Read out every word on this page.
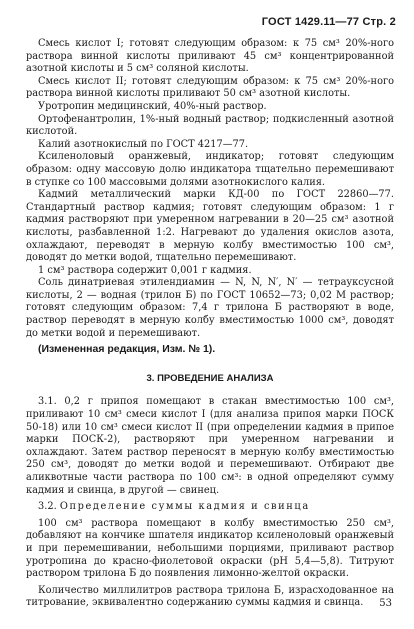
ГОСТ 1429.11—77 Стр. 2

Смесь кислот I; готовят следующим образом: к 75 см³ 20%-ного раствора винной кислоты приливают 45 см³ концентрированной азотной кислоты и 5 см³ соляной кислоты.

Смесь кислот II; готовят следующим образом: к 75 см³ 20%-ного раствора винной кислоты приливают 50 см³ азотной кислоты.

Уротропин медицинский, 40%-ный раствор.

Ортофенантролин, 1%-ный водный раствор; подкисленный азотной кислотой.

Калий азотнокислый по ГОСТ 4217—77.

Ксиленоловый оранжевый, индикатор; готовят следующим образом: одну массовую долю индикатора тщательно перемешивают в ступке со 100 массовыми долями азотнокислого калия.

Кадмий металлический марки КД-00 по ГОСТ 22860—77. Стандартный раствор кадмия; готовят следующим образом: 1 г кадмия растворяют при умеренном нагревании в 20—25 см³ азотной кислоты, разбавленной 1:2. Нагревают до удаления окислов азота, охлаждают, переводят в мерную колбу вместимостью 100 см³, доводят до метки водой, тщательно перемешивают.

1 см³ раствора содержит 0,001 г кадмия.

Соль динатриевая этилендиамин — N, N, N′, N′ — тетрауксусной кислоты, 2 — водная (трилон Б) по ГОСТ 10652—73; 0,02 М раствор; готовят следующим образом: 7,4 г трилона Б растворяют в воде, раствор переводят в мерную колбу вместимостью 1000 см³, доводят до метки водой и перемешивают.

(Измененная редакция, Изм. № 1).

3. ПРОВЕДЕНИЕ АНАЛИЗА

3.1. 0,2 г припоя помещают в стакан вместимостью 100 см³, приливают 10 см³ смеси кислот I (для анализа припоя марки ПОСК 50-18) или 10 см³ смеси кислот II (при определении кадмия в припое марки ПОСК-2), растворяют при умеренном нагревании и охлаждают. Затем раствор переносят в мерную колбу вместимостью 250 см³, доводят до метки водой и перемешивают. Отбирают две аликвотные части раствора по 100 см³: в одной определяют сумму кадмия и свинца, в другой — свинец.

3.2. Определение суммы кадмия и свинца

100 см³ раствора помещают в колбу вместимостью 250 см³, добавляют на кончике шпателя индикатор ксиленоловый оранжевый и при перемешивании, небольшими порциями, приливают раствор уротропина до красно-фиолетовой окраски (pH 5,4—5,8). Титруют раствором трилона Б до появления лимонно-желтой окраски.

Количество миллилитров раствора трилона Б, израсходованное на титрование, эквивалентно содержанию суммы кадмия и свинца.	53
